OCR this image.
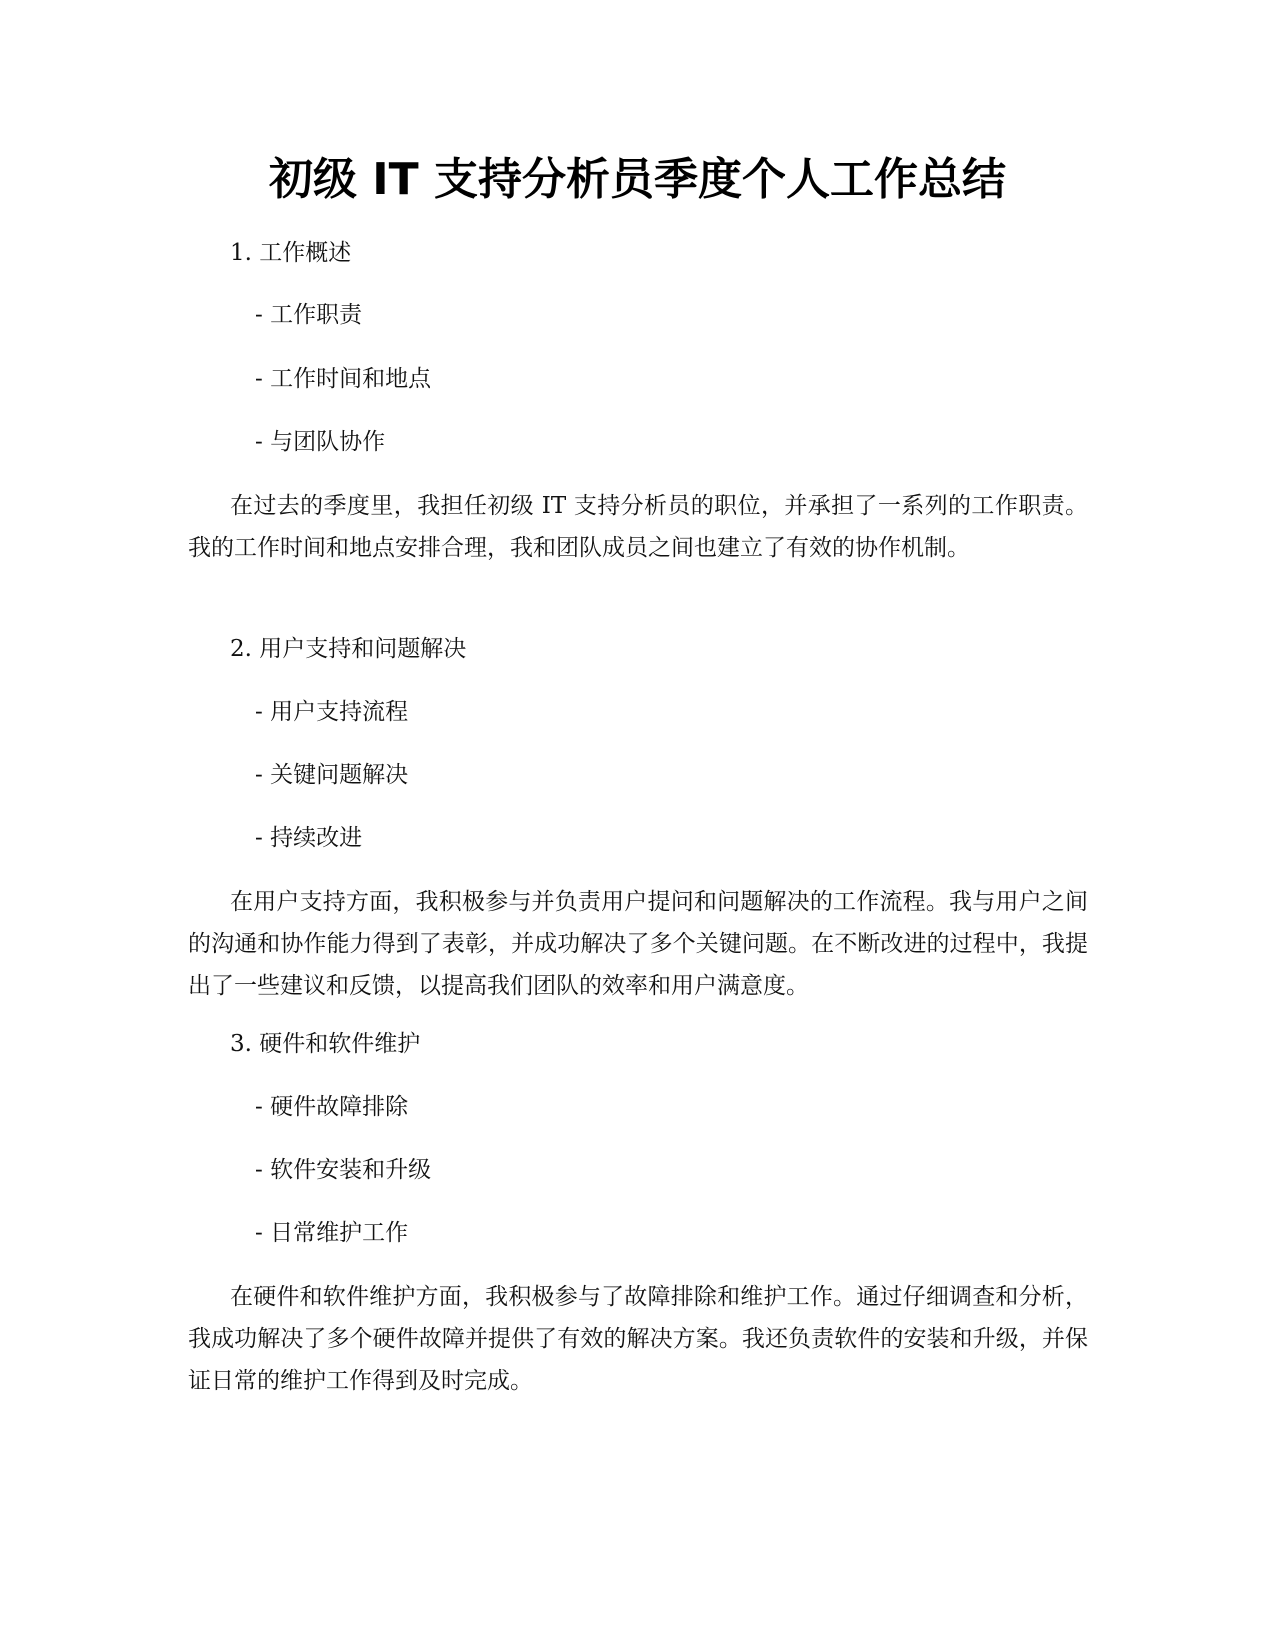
初级 IT 支持分析员季度个人工作总结

1. 工作概述

- 工作职责

- 工作时间和地点

- 与团队协作

在过去的季度里，我担任初级 IT 支持分析员的职位，并承担了一系列的工作职责。我的工作时间和地点安排合理，我和团队成员之间也建立了有效的协作机制。

2. 用户支持和问题解决

- 用户支持流程

- 关键问题解决

- 持续改进

在用户支持方面，我积极参与并负责用户提问和问题解决的工作流程。我与用户之间的沟通和协作能力得到了表彰，并成功解决了多个关键问题。在不断改进的过程中，我提出了一些建议和反馈，以提高我们团队的效率和用户满意度。

3. 硬件和软件维护

- 硬件故障排除

- 软件安装和升级

- 日常维护工作

在硬件和软件维护方面，我积极参与了故障排除和维护工作。通过仔细调查和分析，我成功解决了多个硬件故障并提供了有效的解决方案。我还负责软件的安装和升级，并保证日常的维护工作得到及时完成。
